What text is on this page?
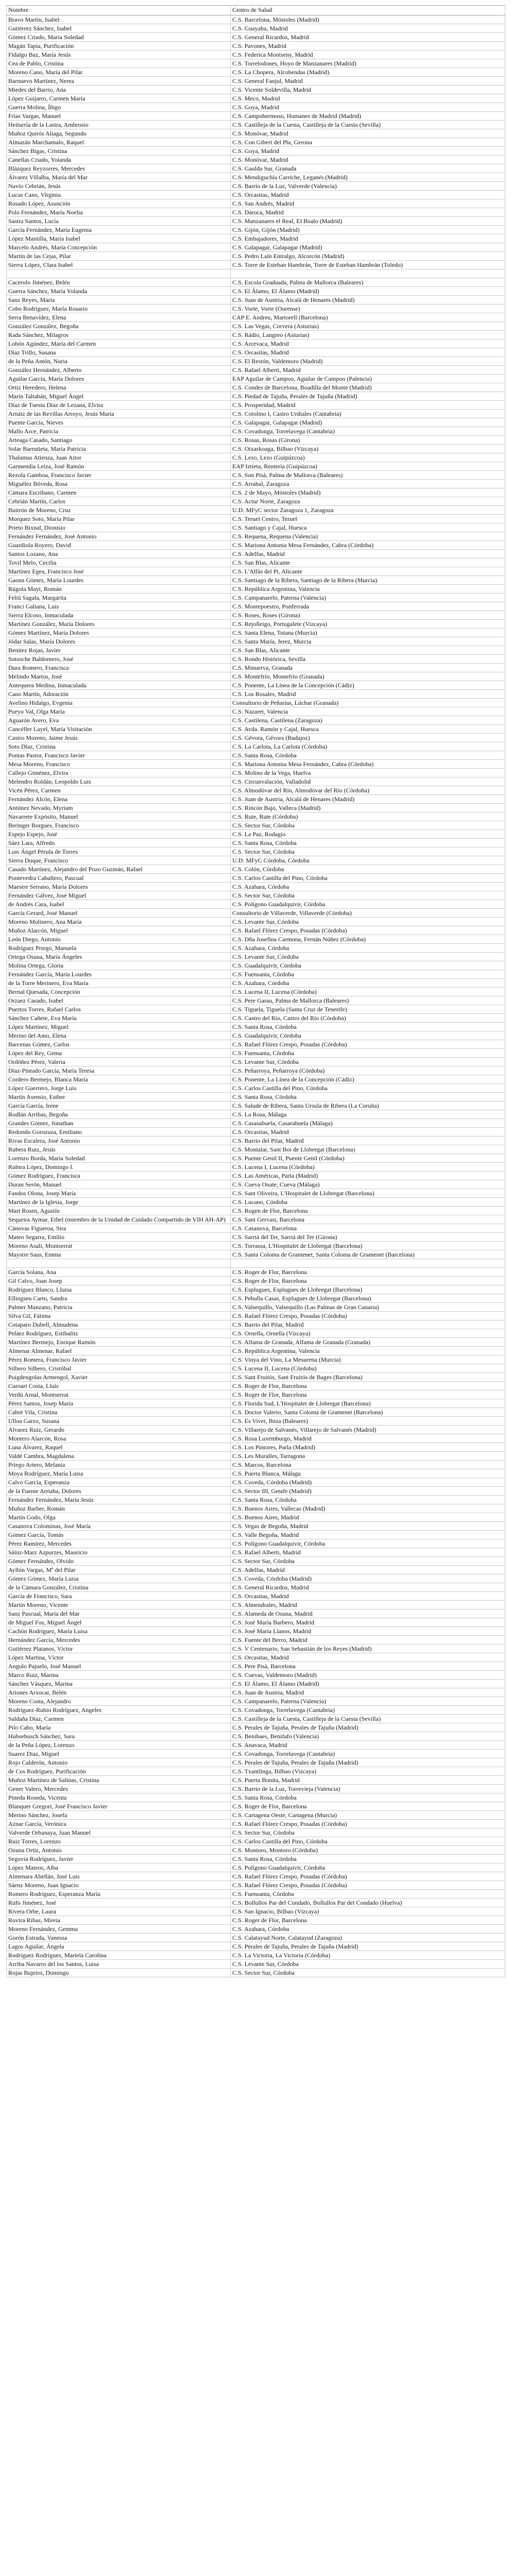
Nombre	Centro de Salud
Bravo Martín, Isabel	C.S. Barcelona, Móstoles (Madrid)
Gutiérrez Sánchez, Isabel	C.S. Guayaba, Madrid
Gómez Criado, María Soledad	C.S. General Ricardos, Madrid
Magán Tapia, Purificación	C.S. Pavones, Madrid
Fidalgo Baz, María Jesús	C.S. Federica Montseny, Madrid
Cea de Pablo, Cristina	C.S. Torrelodones, Hoyo de Manzanares (Madrid)
Moreno Cano, María del Pilar	C.S. La Chopera, Alcobendas (Madrid)
Barnuevo Martínez, Nerea	C.S. General Fanjul, Madrid
Miedes del Barrio, Ana	C.S. Vicente Soldevilla, Madrid
López Guijarro, Carmen María	C.S. Meco, Madrid
Guerra Molina, Íñigo	C.S. Goya, Madrid
Frías Vargas, Manuel	C.S. Campohermoso, Humanes de Madrid (Madrid)
Heiturría de la Lastra, Ambrosio	C.S. Castilleja de la Cuesta, Castilleja de la Cuesta (Sevilla)
Muñoz Quirós Aliaga, Segundo	C.S. Monóvar, Madrid
Almazán Marchamalo, Raquel	C.S. Con Gibert del Pla, Gerona
Sánchez Bigas, Cristina	C.S. Goya, Madrid
Canellas Criado, Yolanda	C.S. Monóvar, Madrid
Blázquez Reyzorres, Mercedes	C.S. Gaulda Sur, Granada
Álvarez Villalba, María del Mar	C.S. Mendiguchía Carriche, Leganés (Madrid)
Navío Cebrián, Jesús	C.S. Barrio de la Luz, Valverde (Valencia)
Lucas Cano, Virginia	C.S. Orcasitas, Madrid
Rosado López, Asunción	C.S. San Andrés, Madrid
Polo Fernández, María Noelia	C.S. Daroca, Madrid
Sastra Santos, Lucía	C.S. Manzanares el Real, El Boalo (Madrid)
García Fernández, María Eugenia	C.S. Gijón, Gijón (Madrid)
López Mantilla, María Isabel	C.S. Embajadores, Madrid
Marcelo Andrés, María Concepción	C.S. Galapagar, Galapagar (Madrid)
Martín de las Cejas, Pilar	C.S. Pedro Laín Entralgo, Alcorcón (Madrid)
Sierra López, Clara Isabel	C.S. Torre de Esteban Hambrán, Torre de Esteban Hambrán (Toledo)

Cacerolo Jiménez, Belén	C.S. Escola Graduada, Palma de Mallorca (Baleares)
Guerra Sánchez, María Yolanda	C.S. El Álamo, El Álamo (Madrid)
Sanz Reyes, María	C.S. Juan de Austria, Alcalá de Henares (Madrid)
Cobo Rodríguez, María Rosario	C.S. Vorte, Vorte (Ourense)
Serra Benavídez, Elena	CAP E. Andreu, Martorell (Barcelona)
González González, Begoña	C.S. Las Vegas, Corvera (Asturias)
Rada Sánchez, Milagros	C.S. Rádio, Langreo (Asturias)
Lobón Agúndez, María del Carmen	C.S. Arcevaca, Madrid
Díaz Trillo, Susana	C.S. Orcasitas, Madrid
de la Peña Antón, Nuria	C.S. El Restón, Valdemoro (Madrid)
González Hernández, Alberto	C.S. Rafael Alberti, Madrid
Aguilar García, María Dolores	EAP Aguilar de Campoo, Aguilar de Campoo (Palencia)
Ortiz Heredero, Helena	C.S. Condes de Barcelona, Boadilla del Monte (Madrid)
Marín Taltabán, Miguel Ángel	C.S. Piedad de Tajuña, Perales de Tajuña (Madrid)
Díaz de Tuesta Díaz de Lezana, Elvira	C.S. Prosperidad, Madrid
Arnáiz de las Revillas Arroyo, Jesús María	C.S. Cotolino I, Castro Urdiales (Cantabria)
Puente García, Nieves	C.S. Galapagar, Galapagar (Madrid)
Mallo Arce, Patricia	C.S. Covadonga, Torrelavega (Cantabria)
Arteaga Casado, Santiago	C.S. Rosas, Rosas (Girona)
Solar Barrutieta, María Patricia	C.S. Otxarkoaga, Bilbao (Vizcaya)
Thalamas Atienza, Juan Aitor	C.S. Lezo, Lezo (Guipúzcoa)
Garmendia Leiza, José Ramón	EAP Iztieta, Rentería (Guipúzcoa)
Rezola Gamboa, Francisco Javier	C.S. Son Pisà, Palma de Mallorca (Baleares)
Miguélez Bóveda, Rosa	C.S. Arrabal, Zaragoza
Cámara Escribano, Carmen	C.S. 2 de Mayo, Móstoles (Madrid)
Cebrián Martín, Carlos	C.S. Actur Norte, Zaragoza
Buitrón de Moreno, Cruz	U.D. MFyC sector Zaragoza 1, Zaragoza
Morquez Soto, María Pilar	C.S. Teruel Centro, Teruel
Prieto Bixnal, Dionisio	C.S. Santiago y Cajal, Huesca
Fernández Fernández, José Antonio	C.S. Requena, Requena (Valencia)
Guardiola Royero, David	C.S. Mariona Antonia Mesa Fernández, Cabra (Córdoba)
Santos Lozano, Ana	C.S. Adelfas, Madrid
Tovil Melo, Cecilia	C.S. San Blas, Alicante
Martínez Egea, Francisco José	C.S. L'Alfàs del Pi, Alicante
Gaona Gómez, María Lourdes	C.S. Santiago de la Ribera, Santiago de la Ribera (Murcia)
Rúgola Mayt, Román	C.S. República Argentina, Valencia
Feliú Sagala, Margarita	C.S. Campanarelo, Paterna (Valencia)
Franci Galiana, Luis	C.S. Montepoestro, Ponferrada
Sierra Elcoso, Inmaculada	C.S. Roses, Roses (Girona)
Martínez González, María Dolores	C.S. Rejolleigo, Portugalete (Vizcaya)
Gómez Martínez, María Dolores	C.S. Santa Elena, Totana (Murcia)
Jódar Salas, María Dolores	C.S. Santa María, Jerez, Murcia
Benitez Rojas, Javier	C.S. San Blas, Alicante
Sotosche Baldomero, José	C.S. Rondo Histórica, Sevilla
Dura Romero, Francisca	C.S. Minuerva, Granada
Melindo Martos, José	C.S. Montefrío, Montefrío (Granada)
Antequera Medina, Inmaculada	C.S. Ponente, La Línea de la Concepción (Cádiz)
Cano Martín, Adoración	C.S. Los Rosales, Madrid
Avelino Hidalgo, Evgenia	Consultorio de Peñarías, Lúchar (Granada)
Pueyo Val, Olga María	C.S. Nazaret, Valencia
Aguarón Avero, Eva	C.S. Castilena, Castilena (Zaragoza)
Cancéller Layel, María Visitación	C.S. Avda. Ramón y Cajal, Huesca
Castro Moreno, Jaime Jesús	C.S. Gévora, Gévora (Badajoz)
Soto Díaz, Cristina	C.S. La Carlota, La Carlota (Córdoba)
Pontas Pastor, Francisco Javier	C.S. Santa Rosa, Córdoba
Mesa Moreno, Francisco	C.S. Mariona Antonia Mesa Fernández, Cabra (Córdoba)
Callejo Giménez, Elvira	C.S. Molino de la Vega, Huelva
Melendro Roldán, Leopoldo Luis	C.S. Circunvalación, Valladolid
Vicén Pérez, Carmen	C.S. Almodóvar del Río, Almodóvar del Río (Córdoba)
Fernández Alcón, Elena	C.S. Juan de Austria, Alcalá de Henares (Madrid)
Antúnez Nevado, Myriam	C.S. Rincón Bajo, Valleca (Madrid)
Navarrete Expósito, Manuel	C.S. Rute, Rute (Córdoba)
Beringer Borgues, Francisco	C.S. Sector Sur, Córdoba
Espejo Espejo, José	C.S. La Paz, Rodagio
Sáez Lara, Alfredo	C.S. Santa Rosa, Córdoba
Luis Ángel Pérula de Torres	C.S. Sector Sur, Córdoba
Sierra Duque, Francisco	U.D. MFyC Córdoba, Córdoba
Casado Martínez, Alejandro del Pozo Guzmán, Rafael	C.S. Colón, Córdoba
Pontevedra Caballero, Pascual	C.S. Carlos Castilla del Pino, Córdoba
Maestre Serrano, María Dolores	C.S. Azahara, Córdoba
Fernández Gálvez, José Miguel	C.S. Sector Sur, Córdoba
de Andrés Cara, Isabel	C.S. Polígono Guadalquivir, Córdoba
García Gerard, José Manuel	Consultorio de Villaverde, Villaverde (Córdoba)
Moreno Molinero, Ana María	C.S. Levante Sur, Córdoba
Muñoz Alarcón, Miguel	C.S. Rafael Flórez Crespo, Posadas (Córdoba)
León Diego, Antonio	C.S. Dña Josefina Carmona, Fernán Núñez (Córdoba)
Rodríguez Priego, Manuela	C.S. Azahara, Córdoba
Ortega Osuna, María Ángeles	C.S. Levante Sur, Córdoba
Molina Ortega, Gloria	C.S. Guadalquivir, Córdoba
Fernández García, María Lourdes	C.S. Fuensanta, Córdoba
de la Torre Merinero, Eva María	C.S. Azahara, Córdoba
Bernal Quesada, Concepción	C.S. Lucena II, Lucena (Córdoba)
Orzaez Casado, Isabel	C.S. Pere Garau, Palma de Mallorca (Baleares)
Puertos Torres, Rafael Carlos	C.S. Tiguela, Tiguela (Santa Cruz de Tenerife)
Sánchez Cañete, Eva María	C.S. Castro del Río, Castro del Río (Córdoba)
López Martínez, Miguel	C.S. Santa Rosa, Córdoba
Merino del Amo, Elena	C.S. Guadalquivir, Córdoba
Barcenas Gómez, Carlos	C.S. Rafael Flórez Crespo, Posadas (Córdoba)
López del Rey, Gema	C.S. Fuensanta, Córdoba
Ordóñez Pérez, Valeria	C.S. Levante Sur, Córdoba
Díaz-Pintado García, María Teresa	C.S. Peñarroya, Peñarroya (Córdoba)
Cordero Bermejo, Blanca María	C.S. Ponente, La Línea de la Concepción (Cádiz)
López Guerrero, Jorge Luis	C.S. Carlos Castilla del Pino, Córdoba
Martín Asensio, Esther	C.S. Santa Rosa, Córdoba
García García, Irene	C.S. Salude de Ribera, Santa Ursula de Ribera (La Coruña)
Rodlán Arribas, Begoña	C.S. La Rosa, Málaga
Grandes Gómez, Jonathan	C.S. Casasabuela, Casarabuela (Málaga)
Redondo Gorozuza, Emiliano	C.S. Orcasitas, Madrid
Rivas Escalera, José Antonio	C.S. Barrio del Pilar, Madrid
Rubera Ruiz, Jesús	C.S. Montalar, Sant Boi de Llobregat (Barcelona)
Lorenzo Borda, María Soledad	C.S. Puente Genil II, Puente Genil (Córdoba)
Rubira López, Domingo I.	C.S. Lucena I, Lucena (Córdoba)
Gómez Rodríguez, Francisca	C.S. Las Américas, Parla (Madrid)
Duran Serón, Manuel	C.S. Cueva Onate, Cueva (Málaga)
Fandos Olona, Josep María	C.S. Sant Oliveira, L'Hospitalet de Llobregat (Barcelona)
Martínez de la Iglesia, Jorge	C.S. Lucano, Córdoba
Mart Rosen, Agustín	C.S. Rogen de Flor, Barcelona
Sequeira Aymar, Ethel (miembro de la Unidad de Cuidado Compartido de VIH AH-AP)	C.S. Sant Gervasi, Barcelona
Cánovas Figueroa, Sira	C.S. Casanova, Barcelona
Mateo Segarra, Emilio	C.S. Sarriá del Ter, Sarriá del Ter (Girona)
Moreno Asali, Montserrat	C.S. Torrassa, L'Hospitalet de Llobregat (Barcelona)
Maystre Saus, Emma	C.S. Santa Coloma de Gramenet, Santa Coloma de Gramenet (Barcelona)

García Solana, Ana	C.S. Roger de Flor, Barcelona
Gil Calvo, Joan Josep	C.S. Roger de Flor, Barcelona
Rodríguez Blanco, Lluisa	C.S. Esplugues, Esplugues de Llobregat (Barcelona)
Ellingsen Carto, Sandra	C.S. Pebulla Casas, Esplugues de Llobregat (Barcelona)
Palmer Manzano, Patricia	C.S. Valsequillo, Valsequillo (Las Palmas de Gran Canaria)
Silva Gil, Fátima	C.S. Rafael Flórez Crespo, Posadas (Córdoba)
Cotaparo Dubell, Almudena	C.S. Barrio del Pilar, Madrid
Peláez Rodríguez, Estibalitz	C.S. Ornella, Ornella (Vizcaya)
Martínez Bermejo, Enrique Ramón	C.S. Alfama de Granada, Alfama de Granada (Granada)
Almenar Almenar, Rafael	C.S. República Argentina, Valencia
Pérez Romera, Francisco Javier	C.S. Vinya del Vino, La Mesurena (Murcia)
Silbero Silbero, Cristóbal	C.S. Lucena II, Lucena (Córdoba)
Puigdengolas Armengol, Xavier	C.S. Sant Fruitós, Sant Fruitós de Bages (Barcelona)
Cuesart Costa, Lluís	C.S. Roger de Flor, Barcelona
Verdú Arnal, Montserrat	C.S. Roger de Flor, Barcelona
Pérez Santos, Josep María	C.S. Florida Sud, L'Hospitalet de Llobregat (Barcelona)
Cabré Vila, Cristina	C.S. Doctor Valerio, Santa Coloma de Gramenet (Barcelona)
Ulloa Garzo, Susana	C.S. Es Viver, Ibiza (Baleares)
Alvarez Ruiz, Gerardo	C.S. Villarejo de Salvanés, Villarejo de Salvanés (Madrid)
Montero Alarcón, Rosa	C.S. Rosa Luxemburgo, Madrid
Luna Álvarez, Raquel	C.S. Los Pintores, Parla (Madrid)
Valdé Cambra, Magdalena	C.S. Les Muralles, Tarragona
Priego Artero, Melania	C.S. Marcos, Barcelona
Moya Rodríguez, María Luisa	C.S. Puerta Blanca, Málaga
Calvo García, Esperanza	C.S. Coveda, Córdoba (Madrid)
de la Fuente Arriaba, Dolores	C.S. Sector III, Getafe (Madrid)
Fernández Fernández, María Jesús	C.S. Santa Rosa, Córdoba
Muñoz Barber, Román	C.S. Buenos Aires, Vallecas (Madrid)
Martín Godo, Olga	C.S. Buenos Aires, Madrid
Casanova Colominas, José María	C.S. Vegas de Begoña, Madrid
Gómez García, Tomás	C.S. Valle Begoña, Madrid
Pérez Ramírez, Mercedes	C.S. Polígono Guadalquivir, Córdoba
Sáinz-Marz Azpurzes, Mauricio	C.S. Rafael Alberti, Madrid
Gómez Fernández, Olvido	C.S. Sector Sur, Córdoba
Ayllón Vargas, Mª del Pilar	C.S. Adelfas, Madrid
Gómez Gómez, María Luisa	C.S. Coveda, Córdoba (Madrid)
de la Cámara González, Cristina	C.S. General Ricardos, Madrid
García de Francisco, Sara	C.S. Orcasitas, Madrid
Martín Moreno, Vicente	C.S. Almendrales, Madrid
Sanz Pascual, María del Mar	C.S. Alameda de Osuna, Madrid
de Miguel Fos, Miguel Ángel	C.S. José María Barbero, Madrid
Cachón Rodríguez, María Luisa	C.S. José María Llanos, Madrid
Hernández García, Mercedes	C.S. Fuente del Berro, Madrid
Gutiérrez Platanos, Víctor	C.S. V Centenario, San Sebastián de los Reyes (Madrid)
López Martina, Víctor	C.S. Orcasitas, Madrid
Angulo Pajuelo, José Manuel	C.S. Pere Pisà, Barcelona
Marco Ruiz, Marina	C.S. Cuevas, Valdemoro (Madrid)
Sánchez Vásquez, Marina	C.S. El Álamo, El Álamo (Madrid)
Ariones Arxocar, Belén	C.S. Juan de Austria, Madrid
Moreno Costa, Alejandro	C.S. Campanarelo, Paterna (Valencia)
Rodríguez-Rubio Rodríguez, Angeles	C.S. Covadonga, Torrelavega (Cantabria)
Saldaña Díaz, Carmen	C.S. Castilleja de la Cuesta, Castilleja de la Cuesta (Sevilla)
Pilo Cabo, María	C.S. Perales de Tajuña, Perales de Tajuña (Madrid)
Hubsebusch Sánchez, Sara	C.S. Benibaes, Benifafo (Valencia)
de la Peña López, Lorenzo	C.S. Anavaca, Madrid
Suarez Diaz, Miguel	C.S. Covadonga, Torrelavega (Cantabria)
Rojo Calderón, Antonio	C.S. Perales de Tajuña, Perales de Tajuña (Madrid)
de Cos Rodríguez, Purificación	C.S. Txantlinga, Bilbao (Vizcaya)
Muñoz Martínez de Salinas, Cristina	C.S. Puerta Bonita, Madrid
Gener Valero, Mercedes	C.S. Barrio de la Luz, Torrevieja (Valencia)
Pineda Roseda, Vicenta	C.S. Santa Rosa, Córdoba
Blanquer Gregori, José Francisco Javier	C.S. Roger de Flor, Barcelona
Merino Sánchez, Josefa	C.S. Cartagena Oeste, Cartagena (Murcia)
Aznar García, Verónica	C.S. Rafael Flórez Crespo, Posadas (Córdoba)
Valverde Orbanaya, Juan Manuel	C.S. Sector Sur, Córdoba
Ruiz Torres, Lorenzo	C.S. Carlos Castilla del Pino, Córdoba
Ozuna Ortiz, Antonio	C.S. Montoro, Montoro (Córdoba)
Segovia Rodríguez, Javier	C.S. Santa Rosa, Córdoba
López Mateos, Alba	C.S. Polígono Guadalquivir, Córdoba
Almenara Abellán, José Luis	C.S. Rafael Flórez Crespo, Posadas (Córdoba)
Sáenz Moreno, Juan Ignacio	C.S. Rafael Flórez Crespo, Posadas (Córdoba)
Romero Rodríguez, Esperanza María	C.S. Fuensanta, Córdoba
Rufo Jiménez, José	C.S. Bollullos Par del Condado, Bollullos Par del Condado (Huelva)
Rivera Orbe, Laura	C.S. San Ignacio, Bilbao (Vizcaya)
Rovira Ribas, Mireia	C.S. Roger de Flor, Barcelona
Moreno Fernández, Gemma	C.S. Azahara, Córdoba
Gorón Estrada, Vanessa	C.S. Calatayud Norte, Calatayud (Zaragoza)
Lagos Aguilar, Ángela	C.S. Perales de Tajuña, Perales de Tajuña (Madrid)
Rodríguez Rodríguez, Mariela Carolina	C.S. La Victoria, La Victoria (Córdoba)
Arriba Navarro del los Santos, Luisa	C.S. Levante Sur, Córdoba
Rojas Bujeiro, Domingo	C.S. Sector Sur, Córdoba
